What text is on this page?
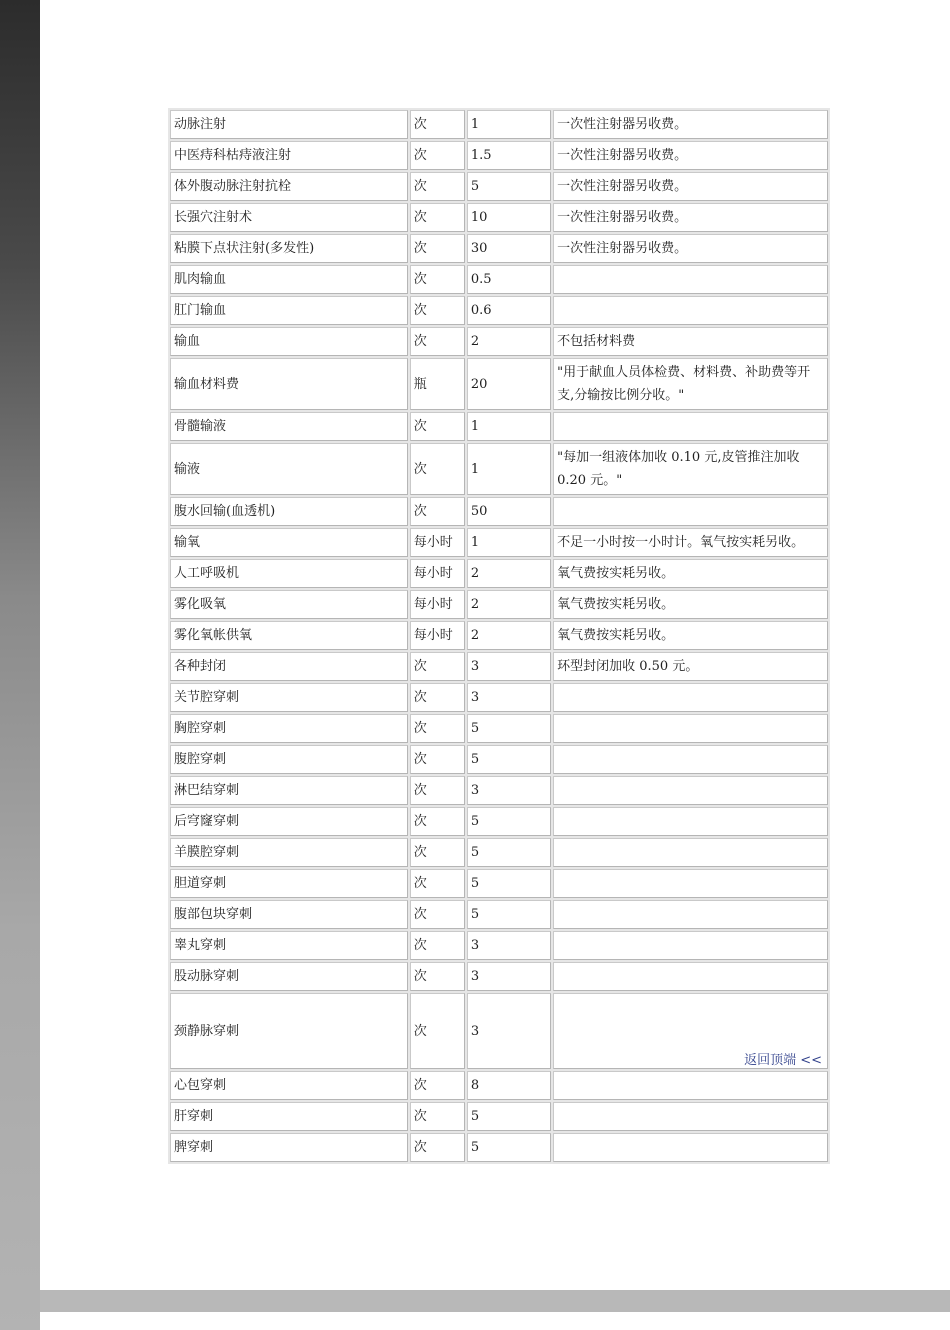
动脉注射	次	1	一次性注射器另收费。
中医痔科枯痔液注射	次	1.5	一次性注射器另收费。
体外腹动脉注射抗栓	次	5	一次性注射器另收费。
长强穴注射术	次	10	一次性注射器另收费。
粘膜下点状注射(多发性)	次	30	一次性注射器另收费。
肌肉输血	次	0.5	
肛门输血	次	0.6	
输血	次	2	不包括材料费
输血材料费	瓶	20	"用于献血人员体检费、材料费、补助费等开支,分输按比例分收。"
骨髓输液	次	1	
输液	次	1	"每加一组液体加收 0.10 元,皮管推注加收 0.20 元。"
腹水回输(血透机)	次	50	
输氧	每小时	1	不足一小时按一小时计。氧气按实耗另收。
人工呼吸机	每小时	2	氧气费按实耗另收。
雾化吸氧	每小时	2	氧气费按实耗另收。
雾化氧帐供氧	每小时	2	氧气费按实耗另收。
各种封闭	次	3	环型封闭加收 0.50 元。
关节腔穿刺	次	3	
胸腔穿刺	次	5	
腹腔穿刺	次	5	
淋巴结穿刺	次	3	
后穹窿穿刺	次	5	
羊膜腔穿刺	次	5	
胆道穿刺	次	5	
腹部包块穿刺	次	5	
睾丸穿刺	次	3	
股动脉穿刺	次	3	
颈静脉穿刺	次	3	返回顶端 <<

心包穿刺	次	8	
肝穿刺	次	5	
脾穿刺	次	5	
